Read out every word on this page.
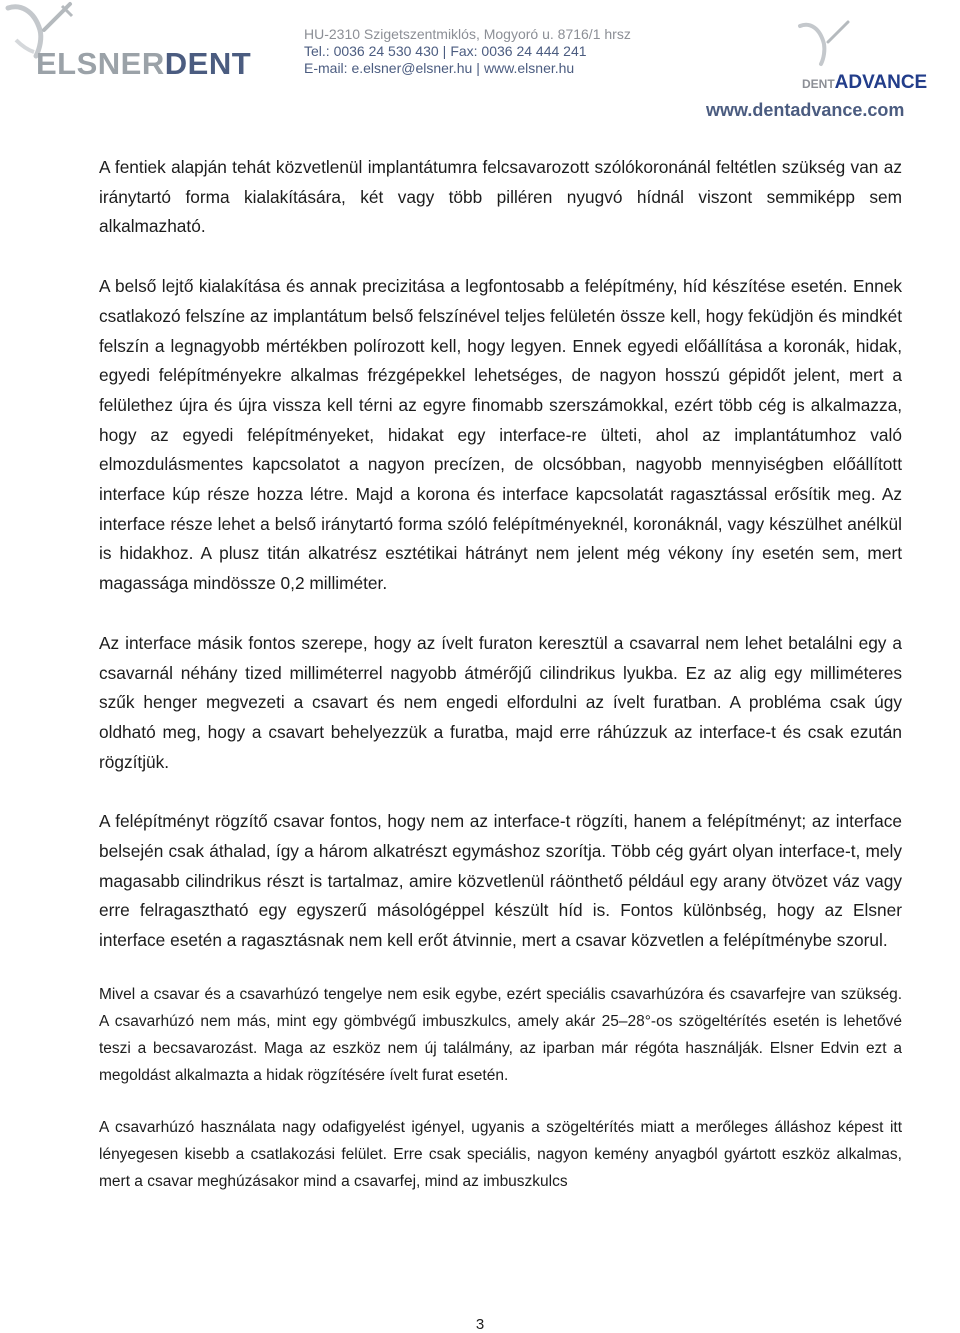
ELSNERDENT
HU-2310 Szigetszentmiklós, Mogyoró u. 8716/1 hrsz
Tel.: 0036 24 530 430 | Fax: 0036 24 444 241
E-mail: e.elsner@elsner.hu | www.elsner.hu
DENTADVANCE
www.dentadvance.com

A fentiek alapján tehát közvetlenül implantátumra felcsavarozott szólókoronánál feltétlen szükség van az iránytartó forma kialakítására, két vagy több pilléren nyugvó hídnál viszont semmiképp sem alkalmazható.

A belső lejtő kialakítása és annak precizitása a legfontosabb a felépítmény, híd készítése esetén. Ennek csatlakozó felszíne az implantátum belső felszínével teljes felületén össze kell, hogy feküdjön és mindkét felszín a legnagyobb mértékben polírozott kell, hogy legyen. Ennek egyedi előállítása a koronák, hidak, egyedi felépítményekre alkalmas frézgépekkel lehetséges, de nagyon hosszú gépidőt jelent, mert a felülethez újra és újra vissza kell térni az egyre finomabb szerszámokkal, ezért több cég is alkalmazza, hogy az egyedi felépítményeket, hidakat egy interface-re ülteti, ahol az implantátumhoz való elmozdulásmentes kapcsolatot a nagyon precízen, de olcsóbban, nagyobb mennyiségben előállított interface kúp része hozza létre. Majd a korona és interface kapcsolatát ragasztással erősítik meg. Az interface része lehet a belső iránytartó forma szóló felépítményeknél, koronáknál, vagy készülhet anélkül is hidakhoz. A plusz titán alkatrész esztétikai hátrányt nem jelent még vékony íny esetén sem, mert magassága mindössze 0,2 milliméter.

Az interface másik fontos szerepe, hogy az ívelt furaton keresztül a csavarral nem lehet betalálni egy a csavarnál néhány tized milliméterrel nagyobb átmérőjű cilindrikus lyukba. Ez az alig egy milliméteres szűk henger megvezeti a csavart és nem engedi elfordulni az ívelt furatban. A probléma csak úgy oldható meg, hogy a csavart behelyezzük a furatba, majd erre ráhúzzuk az interface-t és csak ezután rögzítjük.

A felépítményt rögzítő csavar fontos, hogy nem az interface-t rögzíti, hanem a felépítményt; az interface belsején csak áthalad, így a három alkatrészt egymáshoz szorítja. Több cég gyárt olyan interface-t, mely magasabb cilindrikus részt is tartalmaz, amire közvetlenül ráönthető például egy arany ötvözet váz vagy erre felragasztható egy egyszerű másológéppel készült híd is. Fontos különbség, hogy az Elsner interface esetén a ragasztásnak nem kell erőt átvinnie, mert a csavar közvetlen a felépítménybe szorul.

Mivel a csavar és a csavarhúzó tengelye nem esik egybe, ezért speciális csavarhúzóra és csavarfejre van szükség. A csavarhúzó nem más, mint egy gömbvégű imbuszkulcs, amely akár 25–28°-os szögeltérítés esetén is lehetővé teszi a becsavarozást. Maga az eszköz nem új találmány, az iparban már régóta használják. Elsner Edvin ezt a megoldást alkalmazta a hidak rögzítésére ívelt furat esetén.

A csavarhúzó használata nagy odafigyelést igényel, ugyanis a szögeltérítés miatt a merőleges álláshoz képest itt lényegesen kisebb a csatlakozási felület. Erre csak speciális, nagyon kemény anyagból gyártott eszköz alkalmas, mert a csavar meghúzásakor mind a csavarfej, mind az imbuszkulcs

3
